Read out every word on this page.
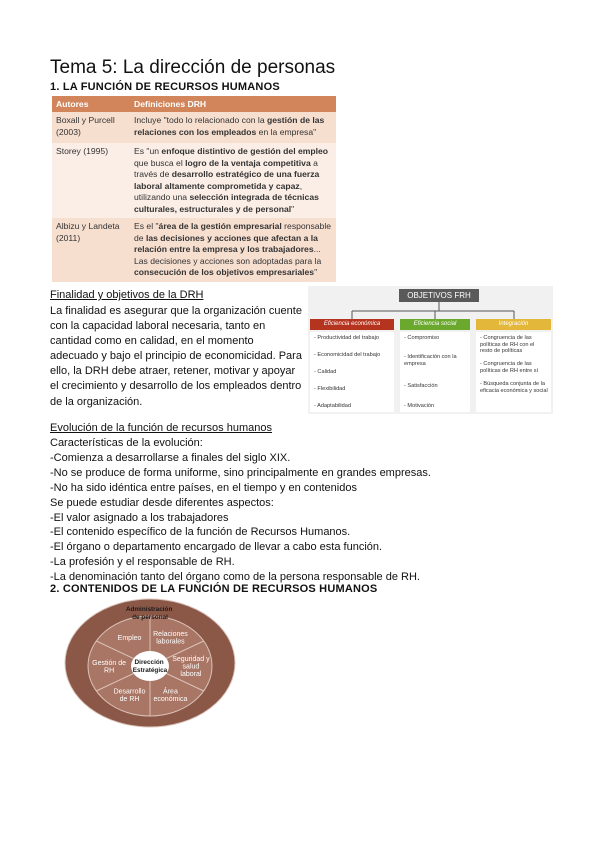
Tema 5: La dirección de personas
1. LA FUNCIÓN DE RECURSOS HUMANOS
Autores	Definiciones DRH
Boxall y Purcell (2003)	Incluye "todo lo relacionado con la gestión de las relaciones con los empleados en la empresa"
Storey (1995)	Es "un enfoque distintivo de gestión del empleo que busca el logro de la ventaja competitiva a través de desarrollo estratégico de una fuerza laboral altamente comprometida y capaz, utilizando una selección integrada de técnicas culturales, estructurales y de personal"
Albizu y Landeta (2011)	Es el "área de la gestión empresarial responsable de las decisiones y acciones que afectan a la relación entre la empresa y los trabajadores... Las decisiones y acciones son adoptadas para la consecución de los objetivos empresariales"
Finalidad y objetivos de la DRH
La finalidad es asegurar que la organización cuente con la capacidad laboral necesaria, tanto en cantidad como en calidad, en el momento adecuado y bajo el principio de economicidad. Para ello, la DRH debe atraer, retener, motivar y apoyar el crecimiento y desarrollo de los empleados dentro de la organización.
OBJETIVOS FRH
Eficiencia económica	Eficiencia social	Integración
- Productividad del trabajo
- Economicidad del trabajo
- Calidad
- Flexibilidad
- Adaptabilidad
- Compromiso
- Identificación con la empresa
- Satisfacción
- Motivación
- Congruencia de las políticas de RH con el resto de políticas
- Congruencia de las políticas de RH entre sí
- Búsqueda conjunta de la eficacia económica y social
Evolución de la función de recursos humanos
Características de la evolución:
-Comienza a desarrollarse a finales del siglo XIX.
-No se produce de forma uniforme, sino principalmente en grandes empresas.
-No ha sido idéntica entre países, en el tiempo y en contenidos
Se puede estudiar desde diferentes aspectos:
-El valor asignado a los trabajadores
-El contenido específico de la función de Recursos Humanos.
-El órgano o departamento encargado de llevar a cabo esta función.
-La profesión y el responsable de RH.
-La denominación tanto del órgano como de la persona responsable de RH.
2. CONTENIDOS DE LA FUNCIÓN DE RECURSOS HUMANOS
Administración de personal
Dirección Estratégica
Relaciones laborales
Seguridad y salud laboral
Área económica
Desarrollo de RH
Gestión de RH
Empleo
